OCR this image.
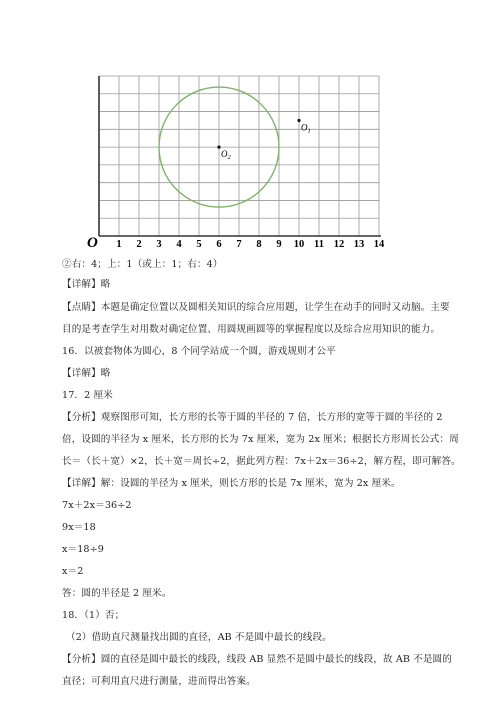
O 1 2 3 4 5 6 7 8 9 10 11 12 13 14
$O_1$
$O_2$
②右：4；上：1（或上：1；右：4）
【详解】略
【点睛】本题是确定位置以及圆相关知识的综合应用题，让学生在动手的同时又动脑。主要
目的是考查学生对用数对确定位置、用圆规画圆等的掌握程度以及综合应用知识的能力。
16．以被套物体为圆心，8 个同学站成一个圆，游戏规则才公平
【详解】略
17．2 厘米
【分析】观察图形可知，长方形的长等于圆的半径的 7 倍，长方形的宽等于圆的半径的 2
倍，设圆的半径为 x 厘米，长方形的长为 7x 厘米，宽为 2x 厘米；根据长方形周长公式：周
长＝（长＋宽）×2，长＋宽＝周长÷2，据此列方程：7x＋2x＝36÷2，解方程，即可解答。
【详解】解：设圆的半径为 x 厘米，则长方形的长是 7x 厘米，宽为 2x 厘米。
7x＋2x＝36÷2
9x＝18
x＝18÷9
x＝2
答：圆的半径是 2 厘米。
18．（1）否；
（2）借助直尺测量找出圆的直径，AB 不是圆中最长的线段。
【分析】圆的直径是圆中最长的线段，线段 AB 显然不是圆中最长的线段，故 AB 不是圆的
直径；可利用直尺进行测量，进而得出答案。
